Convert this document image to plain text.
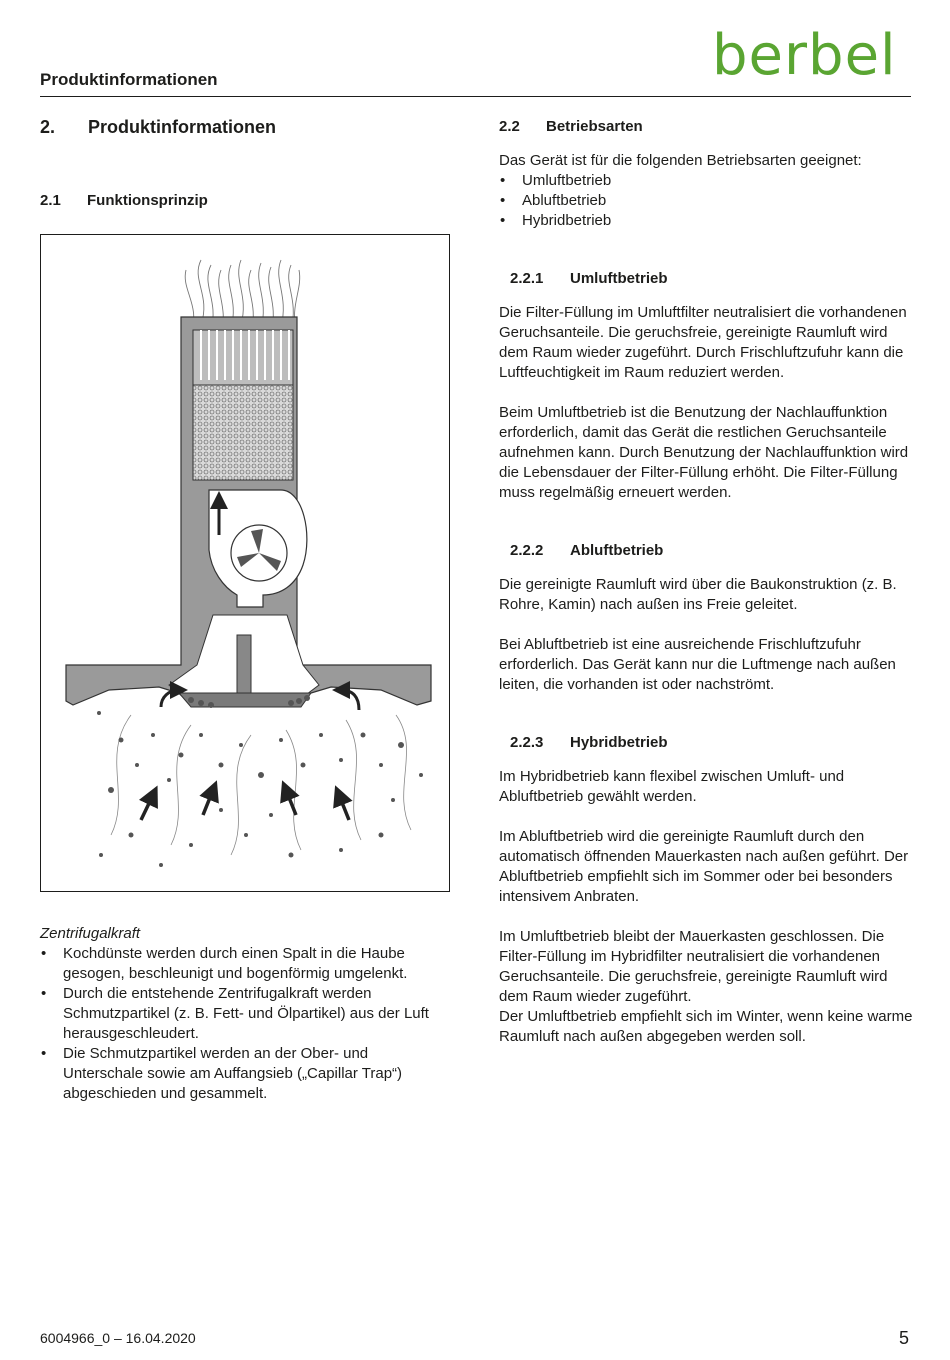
Produktinformationen	berbel
2. Produktinformationen
2.1 Funktionsprinzip
Zentrifugalkraft
• Kochdünste werden durch einen Spalt in die Haube gesogen, beschleunigt und bogenförmig umgelenkt.
• Durch die entstehende Zentrifugalkraft werden Schmutzpartikel (z. B. Fett- und Ölpartikel) aus der Luft herausgeschleudert.
• Die Schmutzpartikel werden an der Ober- und Unterschale sowie am Auffangsieb („Capillar Trap“) abgeschieden und gesammelt.
2.2 Betriebsarten

Das Gerät ist für die folgenden Betriebsarten geeignet:

• Umluftbetrieb
• Abluftbetrieb
• Hybridbetrieb
2.2.1 Umluftbetrieb

Die Filter-Füllung im Umluftfilter neutralisiert die vorhandenen Geruchsanteile. Die geruchsfreie, gereinigte Raumluft wird dem Raum wieder zugeführt. Durch Frischluftzufuhr kann die Luftfeuchtigkeit im Raum reduziert werden.

Beim Umluftbetrieb ist die Benutzung der Nachlauffunktion erforderlich, damit das Gerät die restlichen Geruchsanteile aufnehmen kann. Durch Benutzung der Nachlauffunktion wird die Lebensdauer der Filter-Füllung erhöht. Die Filter-Füllung muss regelmäßig erneuert werden.

2.2.2 Abluftbetrieb

Die gereinigte Raumluft wird über die Baukonstruktion (z. B. Rohre, Kamin) nach außen ins Freie geleitet.

Bei Abluftbetrieb ist eine ausreichende Frischluftzufuhr erforderlich. Das Gerät kann nur die Luftmenge nach außen leiten, die vorhanden ist oder nachströmt.

2.2.3 Hybridbetrieb

Im Hybridbetrieb kann flexibel zwischen Umluft- und Abluftbetrieb gewählt werden.

Im Abluftbetrieb wird die gereinigte Raumluft durch den automatisch öffnenden Mauerkasten nach außen geführt. Der Abluftbetrieb empfiehlt sich im Sommer oder bei besonders intensivem Anbraten.

Im Umluftbetrieb bleibt der Mauerkasten geschlossen. Die Filter-Füllung im Hybridfilter neutralisiert die vorhandenen Geruchsanteile. Die geruchsfreie, gereinigte Raumluft wird dem Raum wieder zugeführt.

Der Umluftbetrieb empfiehlt sich im Winter, wenn keine warme Raumluft nach außen abgegeben werden soll.

6004966_0 – 16.04.2020	5
